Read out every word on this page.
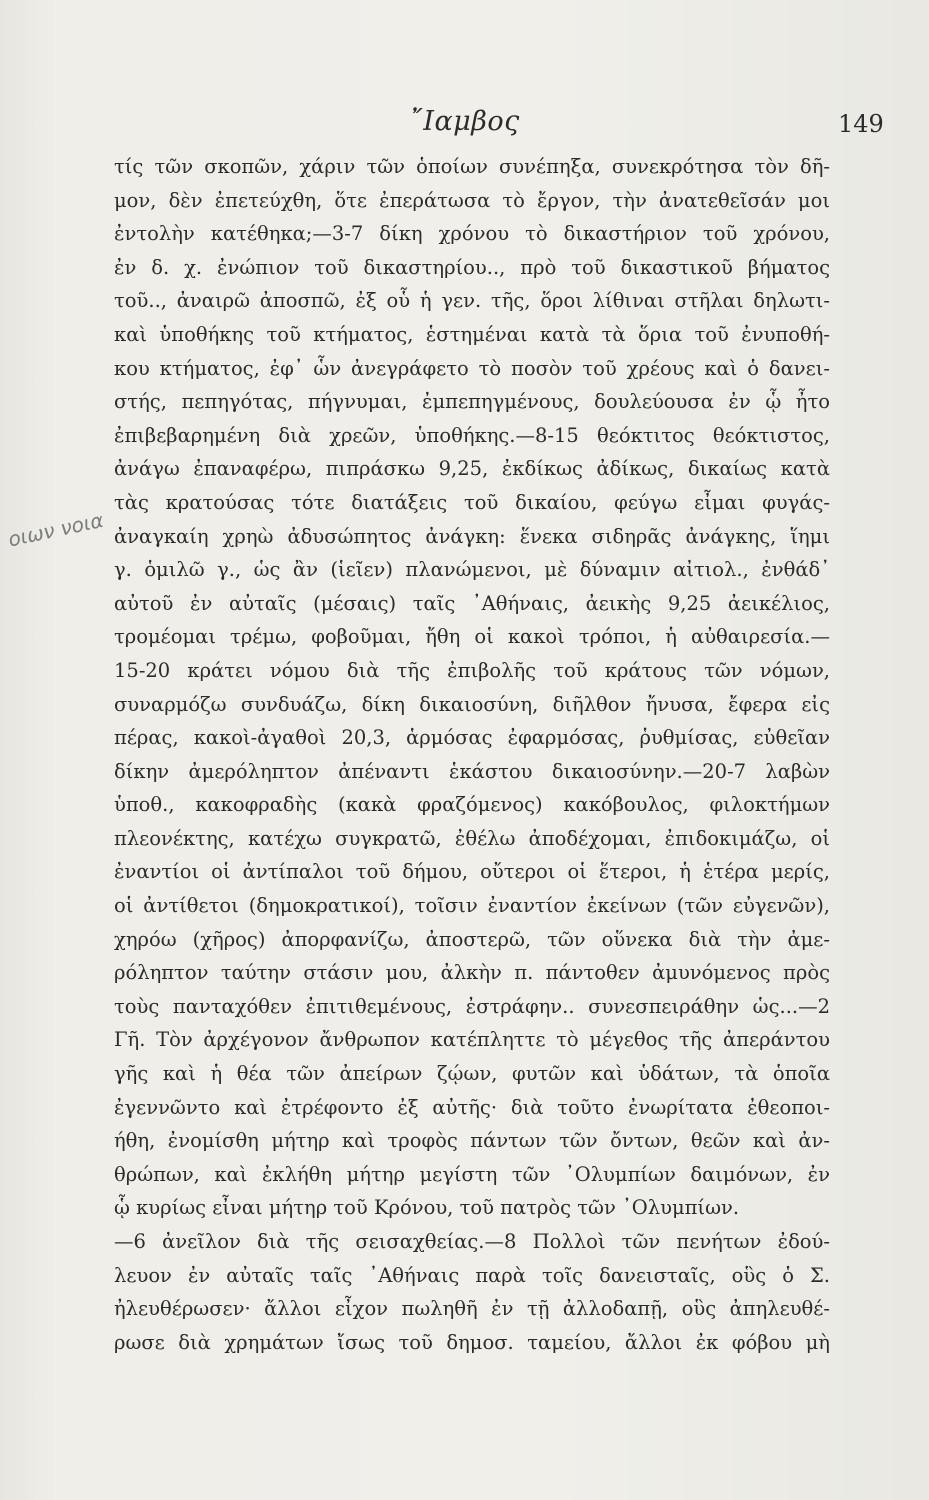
῎Ιαμβος	149
οιων νοια
τίς τῶν σκοπῶν, χάριν τῶν ὁποίων συνέπηξα, συνεκρότησα τὸν δῆ-
μον, δὲν ἐπετεύχθη, ὅτε ἐπεράτωσα τὸ ἔργον, τὴν ἀνατεθεῖσάν μοι
ἐντολὴν κατέθηκα;—3-7 δίκη χρόνου τὸ δικαστήριον τοῦ χρόνου,
ἐν δ. χ. ἐνώπιον τοῦ δικαστηρίου.., πρὸ τοῦ δικαστικοῦ βήματος
τοῦ.., ἀναιρῶ ἀποσπῶ, ἐξ οὗ ἡ γεν. τῆς, ὅροι λίθιναι στῆλαι δηλωτι-
καὶ ὑποθήκης τοῦ κτήματος, ἑστημέναι κατὰ τὰ ὅρια τοῦ ἐνυποθή-
κου κτήματος, ἐφ᾽ ὧν ἀνεγράφετο τὸ ποσὸν τοῦ χρέους καὶ ὁ δανει-
στής, πεπηγότας, πήγνυμαι, ἐμπεπηγμένους, δουλεύουσα ἐν ᾧ ἦτο
ἐπιβεβαρημένη διὰ χρεῶν, ὑποθήκης.—8-15 θεόκτιτος θεόκτιστος,
ἀνάγω ἐπαναφέρω, πιπράσκω 9,25, ἐκδίκως ἀδίκως, δικαίως κατὰ
τὰς κρατούσας τότε διατάξεις τοῦ δικαίου, φεύγω εἶμαι φυγάς-
ἀναγκαίη χρηὼ ἀδυσώπητος ἀνάγκη: ἕνεκα σιδηρᾶς ἀνάγκης, ἵημι
γ. ὁμιλῶ γ., ὡς ἂν (ἱεῖεν) πλανώμενοι, μὲ δύναμιν αἰτιολ., ἐνθάδ᾽
αὐτοῦ ἐν αὐταῖς (μέσαις) ταῖς ᾽Αθήναις, ἀεικὴς 9,25 ἀεικέλιος,
τρομέομαι τρέμω, φοβοῦμαι, ἤθη οἱ κακοὶ τρόποι, ἡ αὐθαιρεσία.—
15-20 κράτει νόμου διὰ τῆς ἐπιβολῆς τοῦ κράτους τῶν νόμων,
συναρμόζω συνδυάζω, δίκη δικαιοσύνη, διῆλθον ἤνυσα, ἔφερα εἰς
πέρας, κακοὶ-ἀγαθοὶ 20,3, ἁρμόσας ἐφαρμόσας, ῥυθμίσας, εὐθεῖαν
δίκην ἀμερόληπτον ἀπέναντι ἑκάστου δικαιοσύνην.—20-7 λαβὼν
ὑποθ., κακοφραδὴς (κακὰ φραζόμενος) κακόβουλος, φιλοκτήμων
πλεονέκτης, κατέχω συγκρατῶ, ἐθέλω ἀποδέχομαι, ἐπιδοκιμάζω, οἱ
ἐναντίοι οἱ ἀντίπαλοι τοῦ δήμου, οὔτεροι οἱ ἕτεροι, ἡ ἑτέρα μερίς,
οἱ ἀντίθετοι (δημοκρατικοί), τοῖσιν ἐναντίον ἐκείνων (τῶν εὐγενῶν),
χηρόω (χῆρος) ἀπορφανίζω, ἀποστερῶ, τῶν οὕνεκα διὰ τὴν ἀμε-
ρόληπτον ταύτην στάσιν μου, ἀλκὴν π. πάντοθεν ἀμυνόμενος πρὸς
τοὺς πανταχόθεν ἐπιτιθεμένους, ἐστράφην.. συνεσπειράθην ὡς...—2
Γῆ. Τὸν ἀρχέγονον ἄνθρωπον κατέπληττε τὸ μέγεθος τῆς ἀπεράντου
γῆς καὶ ἡ θέα τῶν ἀπείρων ζῴων, φυτῶν καὶ ὑδάτων, τὰ ὁποῖα
ἐγεννῶντο καὶ ἐτρέφοντο ἐξ αὐτῆς· διὰ τοῦτο ἐνωρίτατα ἐθεοποι-
ήθη, ἐνομίσθη μήτηρ καὶ τροφὸς πάντων τῶν ὄντων, θεῶν καὶ ἀν-
θρώπων, καὶ ἐκλήθη μήτηρ μεγίστη τῶν ᾽Ολυμπίων δαιμόνων, ἐν
ᾧ κυρίως εἶναι μήτηρ τοῦ Κρόνου, τοῦ πατρὸς τῶν ᾽Ολυμπίων.
—6 ἀνεῖλον διὰ τῆς σεισαχθείας.—8 Πολλοὶ τῶν πενήτων ἐδού-
λευον ἐν αὐταῖς ταῖς ᾽Αθήναις παρὰ τοῖς δανεισταῖς, οὓς ὁ Σ.
ἠλευθέρωσεν· ἄλλοι εἶχον πωληθῆ ἐν τῇ ἀλλοδαπῇ, οὓς ἀπηλευθέ-
ρωσε διὰ χρημάτων ἴσως τοῦ δημοσ. ταμείου, ἄλλοι ἐκ φόβου μὴ
